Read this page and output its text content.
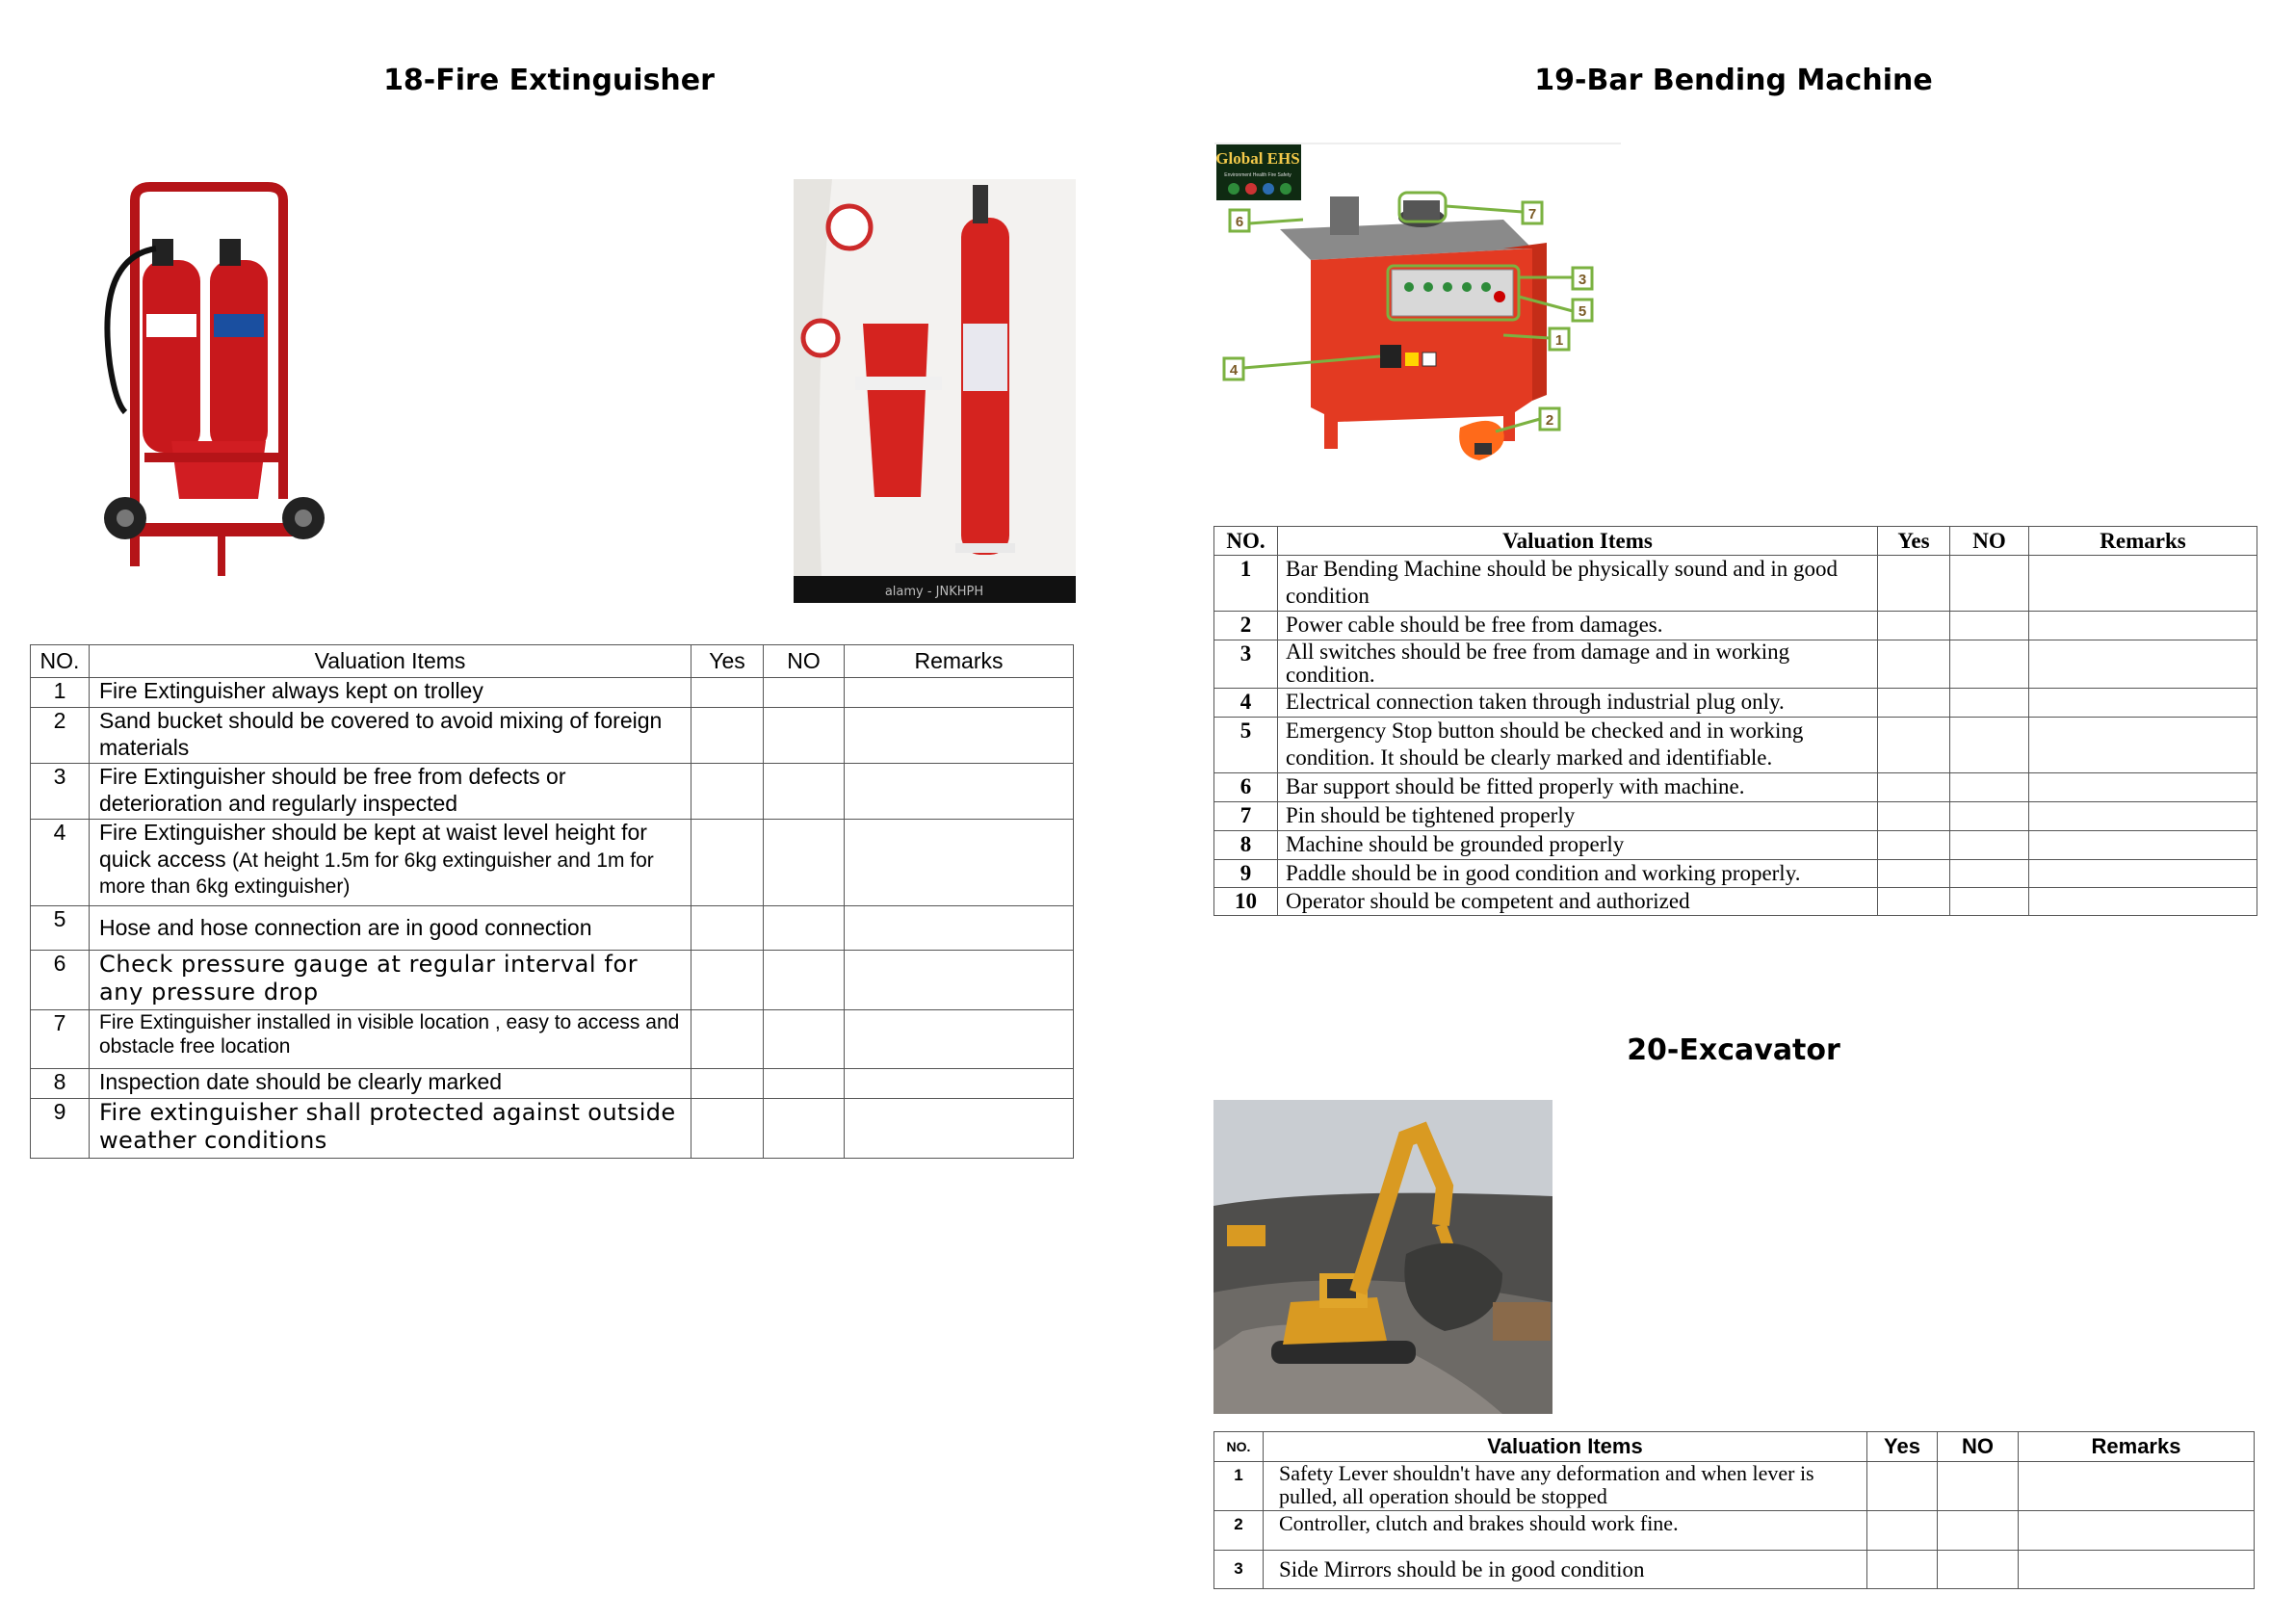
18-Fire Extinguisher
alamy - JNKHPH
NO.	Valuation Items	Yes	NO	Remarks
1	Fire Extinguisher always kept on trolley			
2	Sand bucket should be covered to avoid mixing of foreign materials			
3	Fire Extinguisher should be free from defects or deterioration and regularly inspected			
4	Fire Extinguisher should be kept at waist level height for quick access (At height 1.5m for 6kg extinguisher and 1m for more than 6kg extinguisher)			
5	Hose and hose connection are in good connection			
6	Check pressure gauge at regular interval for any pressure drop			
7	Fire Extinguisher installed in visible location , easy to access and obstacle free location			
8	Inspection date should be clearly marked			
9	Fire extinguisher shall protected against outside weather conditions			
19-Bar Bending Machine
Global EHS
Environment Health Fire Safety
7
6
3
5
1
4
2
NO.	Valuation Items	Yes	NO	Remarks
1	Bar Bending Machine should be physically sound and in good condition			
2	Power cable should be free from damages.			
3	All switches should be free from damage and in working condition.			
4	Electrical connection taken through industrial plug only.			
5	Emergency Stop button should be checked and in working condition. It should be clearly marked and identifiable.			
6	Bar support should be fitted properly with machine.			
7	Pin should be tightened properly			
8	Machine should be grounded properly			
9	Paddle should be in good condition and working properly.			
10	Operator should be competent and authorized			
20-Excavator
NO.	Valuation Items	Yes	NO	Remarks
1	Safety Lever shouldn't have any deformation and when lever is pulled, all operation should be stopped			
2	Controller, clutch and brakes should work fine.			
3	Side Mirrors should be in good condition			
